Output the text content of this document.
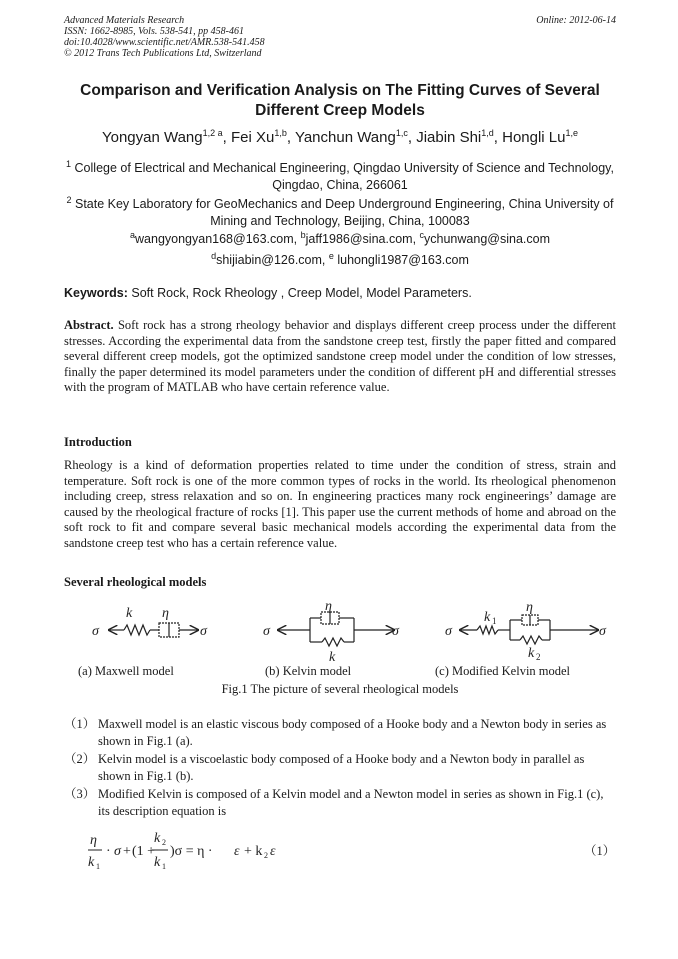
Advanced Materials Research
ISSN: 1662-8985, Vols. 538-541, pp 458-461
doi:10.4028/www.scientific.net/AMR.538-541.458
© 2012 Trans Tech Publications Ltd, Switzerland
Online: 2012-06-14
Comparison and Verification Analysis on The Fitting Curves of Several Different Creep Models
Yongyan Wang$^{1,2 a}$, Fei Xu$^{1,b}$, Yanchun Wang$^{1,c}$, Jiabin Shi$^{1,d}$, Hongli Lu$^{1,e}$
$^1$ College of Electrical and Mechanical Engineering, Qingdao University of Science and Technology, Qingdao, China, 266061
$^2$ State Key Laboratory for GeoMechanics and Deep Underground Engineering, China University of Mining and Technology, Beijing, China, 100083
$^a$wangyongyan168@163.com, $^b$jaff1986@sina.com, $^c$ychunwang@sina.com
$^d$shijiabin@126.com, $^e$ luhongli1987@163.com
Keywords: Soft Rock, Rock Rheology , Creep Model, Model Parameters.
Abstract. Soft rock has a strong rheology behavior and displays different creep process under the different stresses. According the experimental data from the sandstone creep test, firstly the paper fitted and compared several different creep models, got the optimized sandstone creep model under the condition of low stresses, finally the paper determined its model parameters under the condition of different pH and differential stresses with the program of MATLAB who have certain reference value.
Introduction
Rheology is a kind of deformation properties related to time under the condition of stress, strain and temperature. Soft rock is one of the more common types of rocks in the world. Its rheological phenomenon including creep, stress relaxation and so on. In engineering practices many rock engineerings’ damage are caused by the rheological fracture of rocks [1]. This paper use the current methods of home and abroad on the soft rock to fit and compare several basic mechanical models according the experimental data from the sandstone creep test who has a certain reference value.
Several rheological models
σ	σ
k η
σ	σ
η
k
σ	σ
k 1
η
k 2
(a) Maxwell model	(b) Kelvin model	(c) Modified Kelvin model
Fig.1 The picture of several rheological models
（1） Maxwell model is an elastic viscous body composed of a Hooke body and a Newton body in series as shown in Fig.1 (a).
（2） Kelvin model is a viscoelastic body composed of a Hooke body and a Newton body in parallel as shown in Fig.1 (b).
（3） Modified Kelvin is composed of a Kelvin model and a Newton model in series as shown in Fig.1 (c), its description equation is
η
k 1
· σ + (1 +
k 2
k 1
)σ = η · ε + k 2 ε	（1）
